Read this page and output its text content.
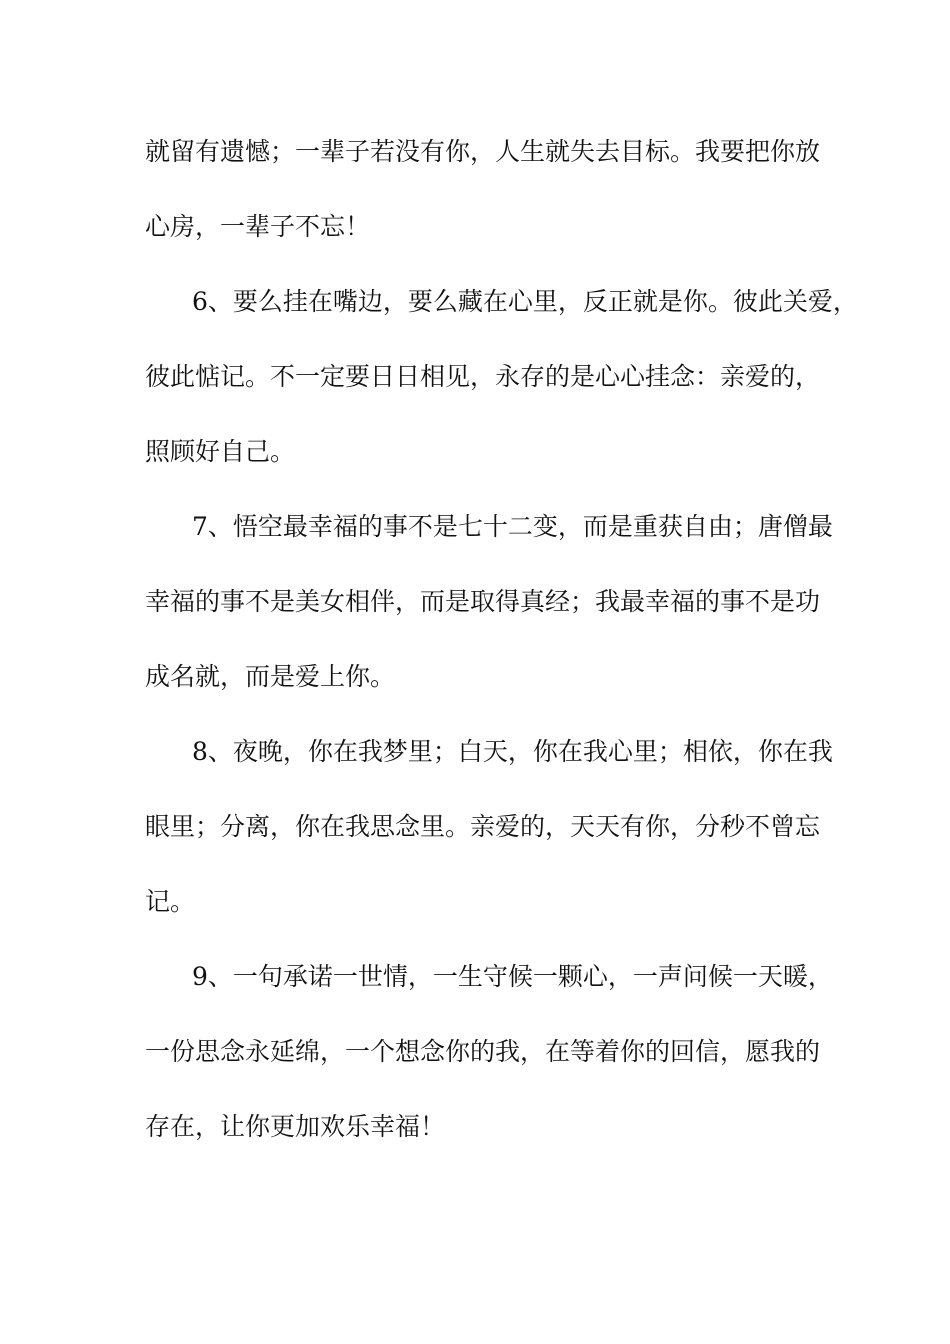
就留有遗憾；一辈子若没有你，人生就失去目标。我要把你放
心房，一辈子不忘！
6、要么挂在嘴边，要么藏在心里，反正就是你。彼此关爱，
彼此惦记。不一定要日日相见，永存的是心心挂念：亲爱的，
照顾好自己。
7、悟空最幸福的事不是七十二变，而是重获自由；唐僧最
幸福的事不是美女相伴，而是取得真经；我最幸福的事不是功
成名就，而是爱上你。
8、夜晚，你在我梦里；白天，你在我心里；相依，你在我
眼里；分离，你在我思念里。亲爱的，天天有你，分秒不曾忘
记。
9、一句承诺一世情，一生守候一颗心，一声问候一天暖，
一份思念永延绵，一个想念你的我，在等着你的回信，愿我的
存在，让你更加欢乐幸福！
